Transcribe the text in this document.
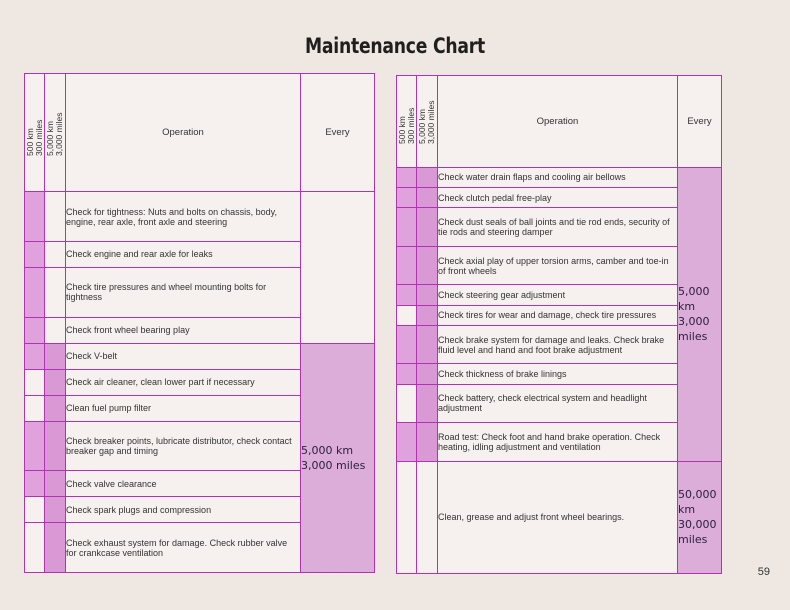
Maintenance Chart
500 km
300 miles	5,000 km
3,000 miles	Operation	Every
		Check for tightness: Nuts and bolts on chassis, body, engine, rear axle, front axle and steering	
		Check engine and rear axle for leaks	
		Check tire pressures and wheel mounting bolts for tightness	
		Check front wheel bearing play	
		Check V-belt	5,000 km
3,000 miles

		Check air cleaner, clean lower part if necessary	
		Clean fuel pump filter	
		Check breaker points, lubricate distributor, check contact breaker gap and timing	
		Check valve clearance	
		Check spark plugs and compression	
		Check exhaust system for damage. Check rubber valve for crankcase ventilation	
500 km
300 miles	5,000 km
3,000 miles	Operation	Every
		Check water drain flaps and cooling air bellows	5,000 km
3,000 miles

		Check clutch pedal free-play	
		Check dust seals of ball joints and tie rod ends, security of tie rods and steering damper	
		Check axial play of upper torsion arms, camber and toe-in of front wheels	
		Check steering gear adjustment	
		Check tires for wear and damage, check tire pressures	
		Check brake system for damage and leaks. Check brake fluid level and hand and foot brake adjustment	
		Check thickness of brake linings	
		Check battery, check electrical system and headlight adjustment	
		Road test: Check foot and hand brake operation. Check heating, idling adjustment and ventilation	
		Clean, grease and adjust front wheel bearings.	50,000 km
30,000 miles
59
